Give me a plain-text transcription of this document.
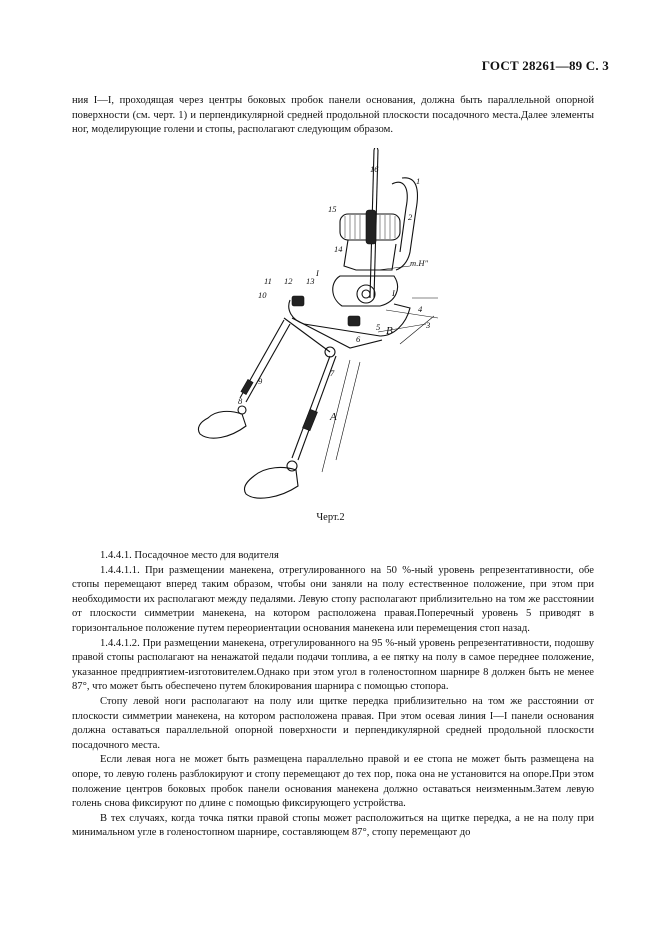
ГОСТ 28261—89 С. 3

ния I—I, проходящая через центры боковых пробок панели основания, должна быть параллельной опорной поверхности (см. черт. 1) и перпендикулярной средней продольной плоскости посадочного места.Далее элементы ног, моделирующие голени и стопы, располагают следующим образом.

16
1
15
2
14
т.Н"
11 12 13
I
I
10
4
3
5
6
В
7
9
8
А
Черт.2

1.4.4.1. Посадочное место для водителя

1.4.4.1.1. При размещении манекена, отрегулированного на 50 %-ный уровень репрезентативности, обе стопы перемещают вперед таким образом, чтобы они заняли на полу естественное положение, при этом при необходимости их располагают между педалями. Левую стопу располагают приблизительно на том же расстоянии от плоскости симметрии манекена, на котором расположена правая.Поперечный уровень 5 приводят в горизонтальное положение путем переориентации основания манекена или перемещения стоп назад.

1.4.4.1.2. При размещении манекена, отрегулированного на 95 %-ный уровень репрезентативности, подошву правой стопы располагают на ненажатой педали подачи топлива, а ее пятку на полу в самое переднее положение, указанное предприятием-изготовителем.Однако при этом угол в голеностопном шарнире 8 должен быть не менее 87°, что может быть обеспечено путем блокирования шарнира с помощью стопора.

Стопу левой ноги располагают на полу или щитке передка приблизительно на том же расстоянии от плоскости симметрии манекена, на котором расположена правая. При этом осевая линия I—I панели основания должна оставаться параллельной опорной поверхности и перпендикулярной средней продольной плоскости посадочного места.

Если левая нога не может быть размещена параллельно правой и ее стопа не может быть размещена на опоре, то левую голень разблокируют и стопу перемещают до тех пор, пока она не установится на опоре.При этом положение центров боковых пробок панели основания манекена должно оставаться неизменным.Затем левую голень снова фиксируют по длине с помощью фиксирующего устройства.

В тех случаях, когда точка пятки правой стопы может расположиться на щитке передка, а не на полу при минимальном угле в голеностопном шарнире, составляющем 87°, стопу перемещают до
